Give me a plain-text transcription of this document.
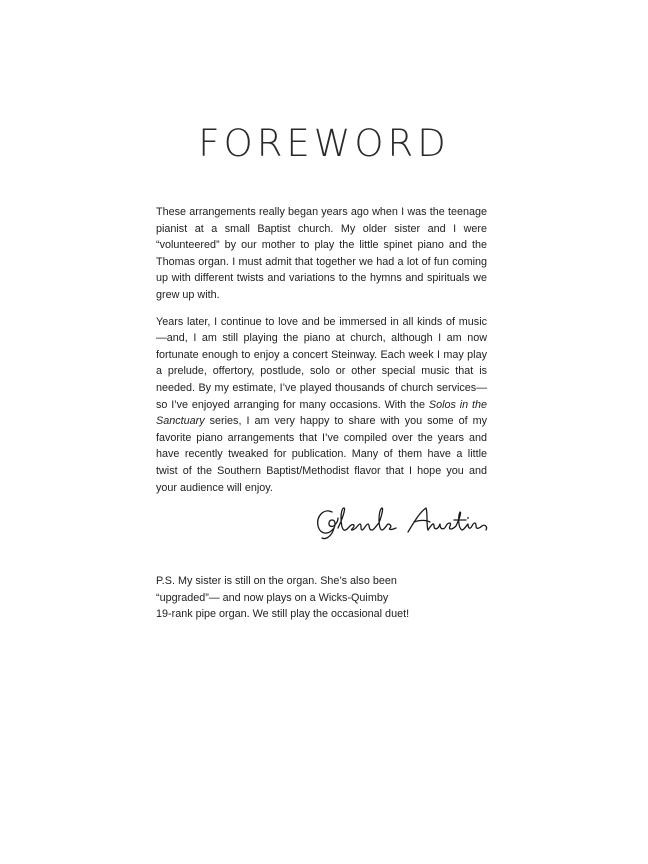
FOREWORD

These arrangements really began years ago when I was the teenage pianist at a small Baptist church. My older sister and I were “volunteered” by our mother to play the little spinet piano and the Thomas organ. I must admit that together we had a lot of fun coming up with different twists and variations to the hymns and spirituals we grew up with.

Years later, I continue to love and be immersed in all kinds of music—and, I am still playing the piano at church, although I am now fortunate enough to enjoy a concert Steinway. Each week I may play a prelude, offertory, postlude, solo or other special music that is needed. By my estimate, I’ve played thousands of church services—so I’ve enjoyed arranging for many occasions. With the Solos in the Sanctuary series, I am very happy to share with you some of my favorite piano arrangements that I’ve compiled over the years and have recently tweaked for publication. Many of them have a little twist of the Southern Baptist/Methodist flavor that I hope you and your audience will enjoy.

P.S. My sister is still on the organ. She’s also been
“upgraded”— and now plays on a Wicks-Quimby
19-rank pipe organ. We still play the occasional duet!
